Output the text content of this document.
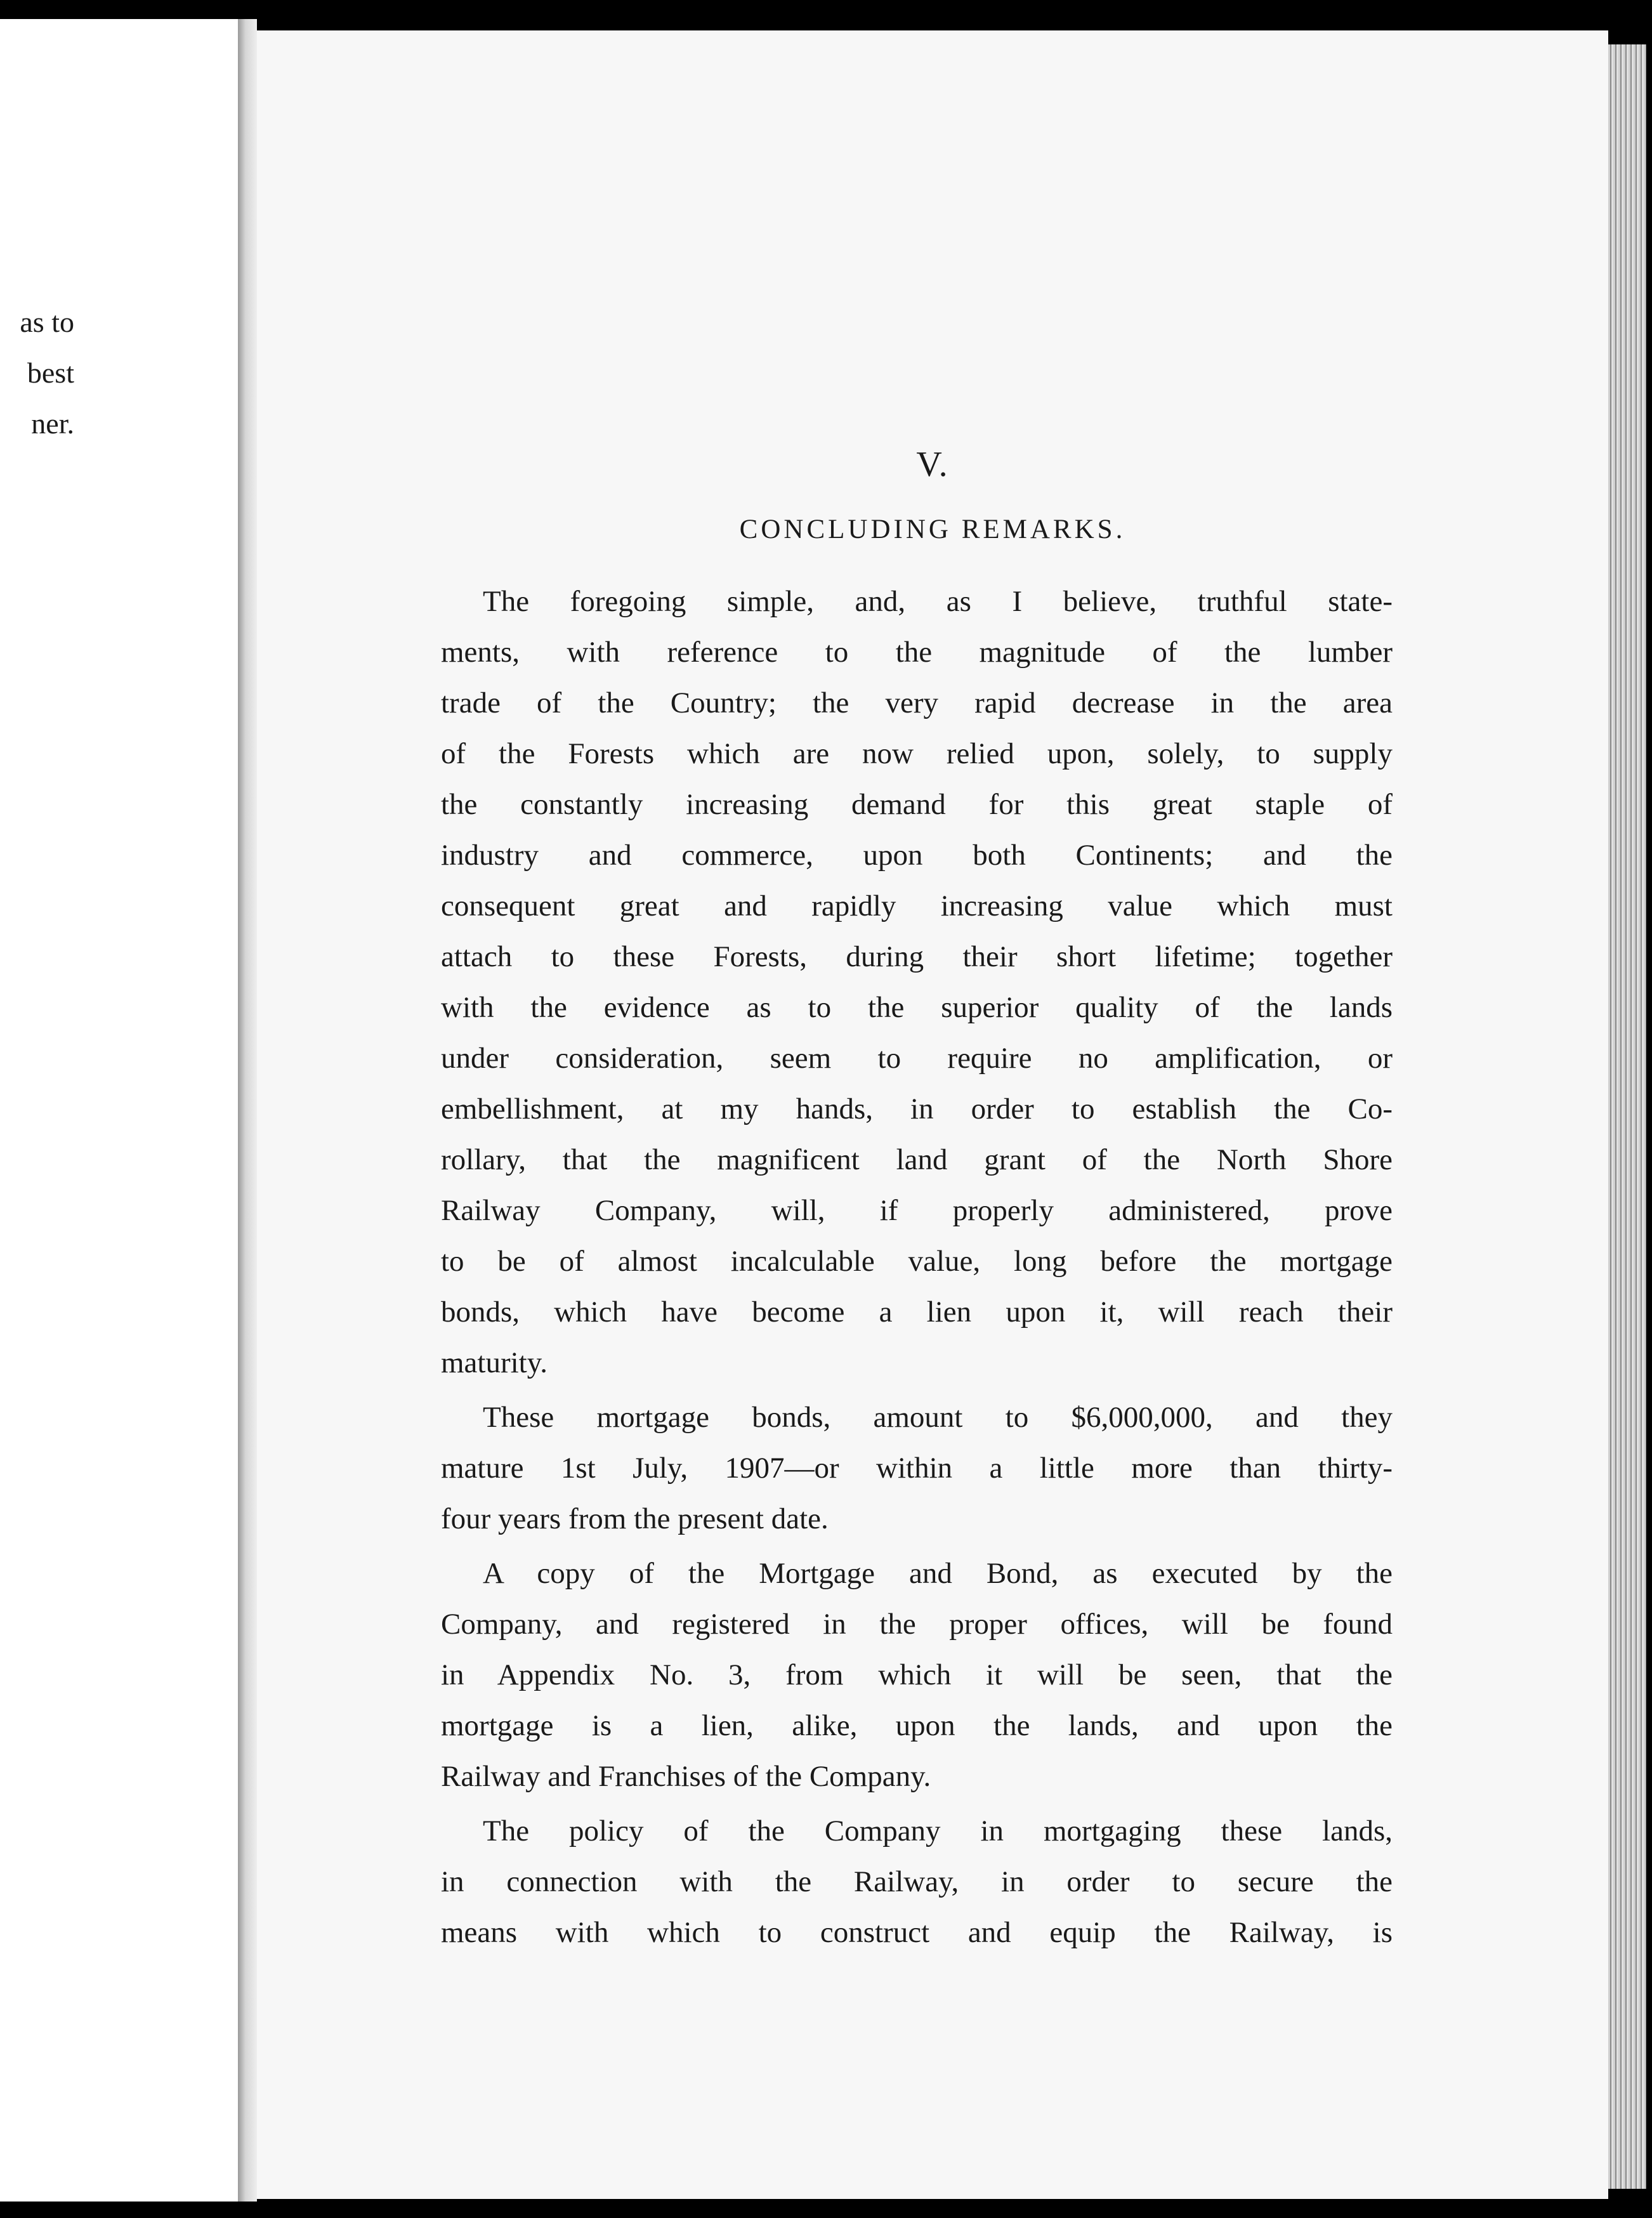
as to
best
ner.
V.
CONCLUDING REMARKS.
The foregoing simple, and, as I believe, truthful state-
ments, with reference to the magnitude of the lumber
trade of the Country; the very rapid decrease in the area
of the Forests which are now relied upon, solely, to supply
the constantly increasing demand for this great staple of
industry and commerce, upon both Continents; and the
consequent great and rapidly increasing value which must
attach to these Forests, during their short lifetime; together
with the evidence as to the superior quality of the lands
under consideration, seem to require no amplification, or
embellishment, at my hands, in order to establish the Co-
rollary, that the magnificent land grant of the North Shore
Railway Company, will, if properly administered, prove
to be of almost incalculable value, long before the mortgage
bonds, which have become a lien upon it, will reach their
maturity.
These mortgage bonds, amount to $6,000,000, and they
mature 1st July, 1907—or within a little more than thirty-
four years from the present date.
A copy of the Mortgage and Bond, as executed by the
Company, and registered in the proper offices, will be found
in Appendix No. 3, from which it will be seen, that the
mortgage is a lien, alike, upon the lands, and upon the
Railway and Franchises of the Company.
The policy of the Company in mortgaging these lands,
in connection with the Railway, in order to secure the
means with which to construct and equip the Railway, is
